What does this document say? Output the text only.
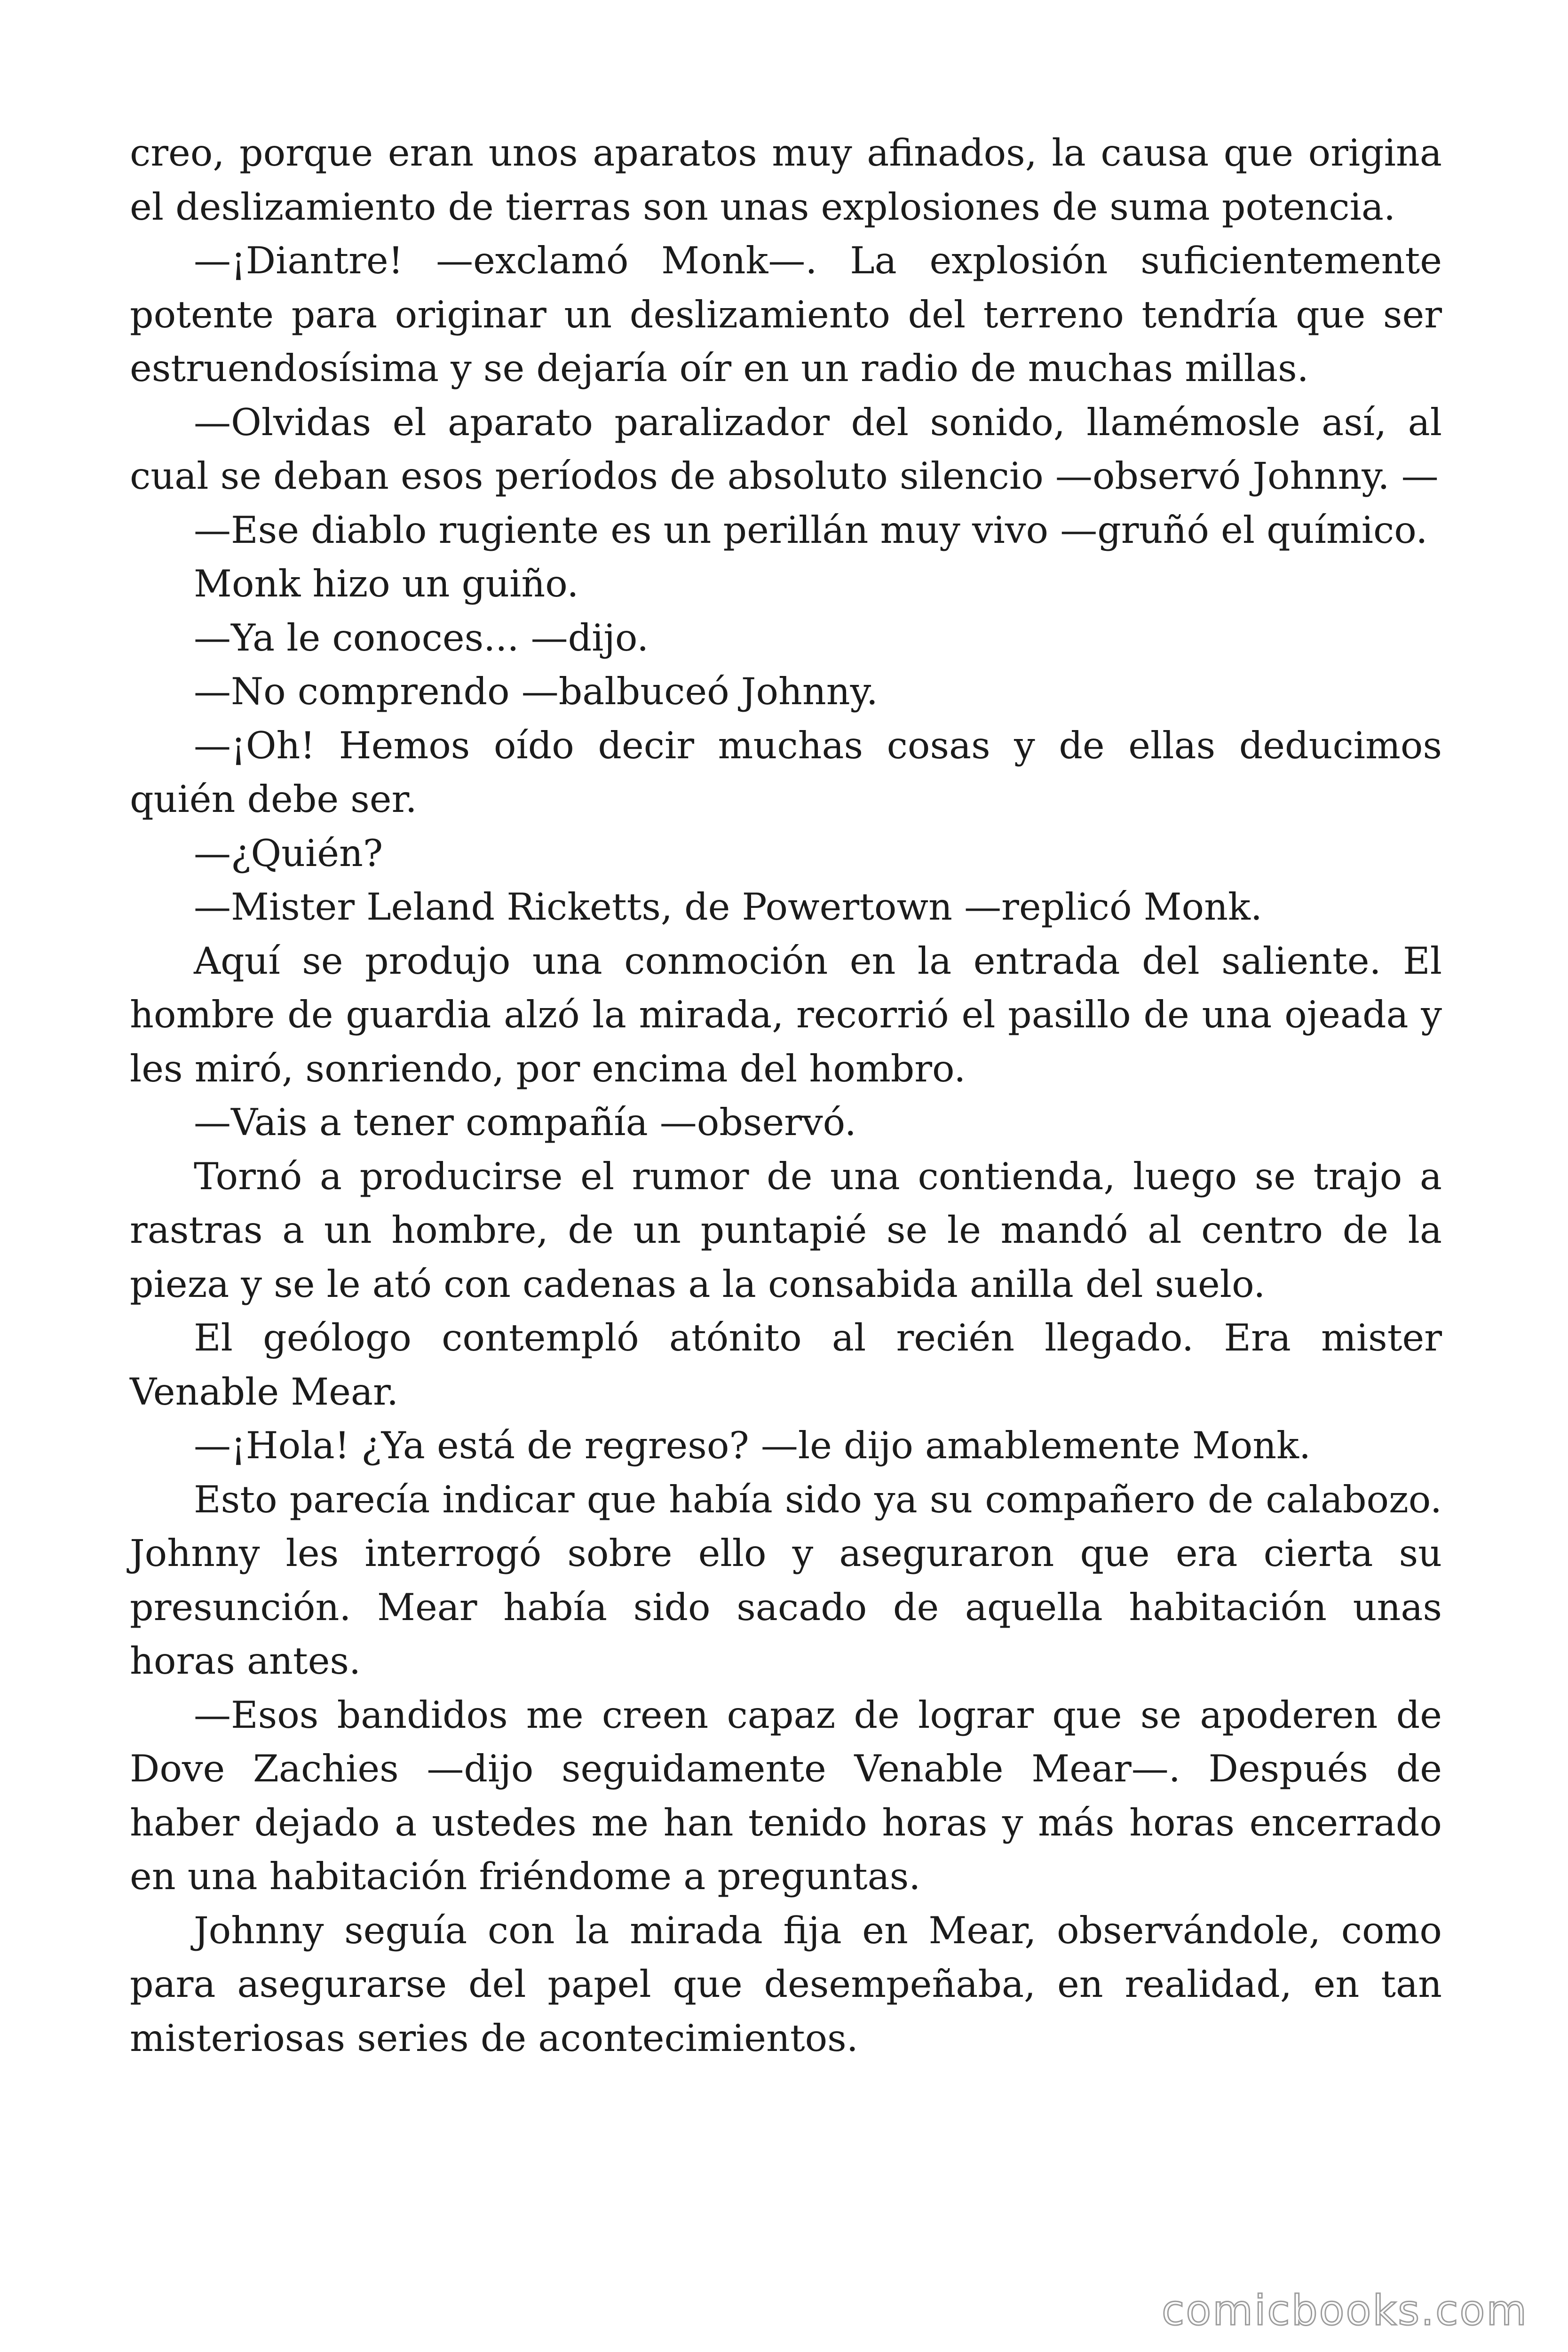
creo, porque eran unos aparatos muy afinados, la causa que origina el deslizamiento de tierras son unas explosiones de suma potencia.

—¡Diantre! —exclamó Monk—. La explosión suficientemente potente para originar un deslizamiento del terreno tendría que ser estruendosísima y se dejaría oír en un radio de muchas millas.

—Olvidas el aparato paralizador del sonido, llamémosle así, al cual se deban esos períodos de absoluto silencio —observó Johnny. —

—Ese diablo rugiente es un perillán muy vivo —gruñó el químico.

Monk hizo un guiño.

—Ya le conoces... —dijo.

—No comprendo —balbuceó Johnny.

—¡Oh! Hemos oído decir muchas cosas y de ellas deducimos quién debe ser.

—¿Quién?

—Mister Leland Ricketts, de Powertown —replicó Monk.

Aquí se produjo una conmoción en la entrada del saliente. El hombre de guardia alzó la mirada, recorrió el pasillo de una ojeada y les miró, sonriendo, por encima del hombro.

—Vais a tener compañía —observó.

Tornó a producirse el rumor de una contienda, luego se trajo a rastras a un hombre, de un puntapié se le mandó al centro de la pieza y se le ató con cadenas a la consabida anilla del suelo.

El geólogo contempló atónito al recién llegado. Era mister Venable Mear.

—¡Hola! ¿Ya está de regreso? —le dijo amablemente Monk.

Esto parecía indicar que había sido ya su compañero de calabozo. Johnny les interrogó sobre ello y aseguraron que era cierta su presunción. Mear había sido sacado de aquella habitación unas horas antes.

—Esos bandidos me creen capaz de lograr que se apoderen de Dove Zachies —dijo seguidamente Venable Mear—. Después de haber dejado a ustedes me han tenido horas y más horas encerrado en una habitación friéndome a preguntas.

Johnny seguía con la mirada fija en Mear, observándole, como para asegurarse del papel que desempeñaba, en realidad, en tan misteriosas series de acontecimientos.

comicbooks.com
